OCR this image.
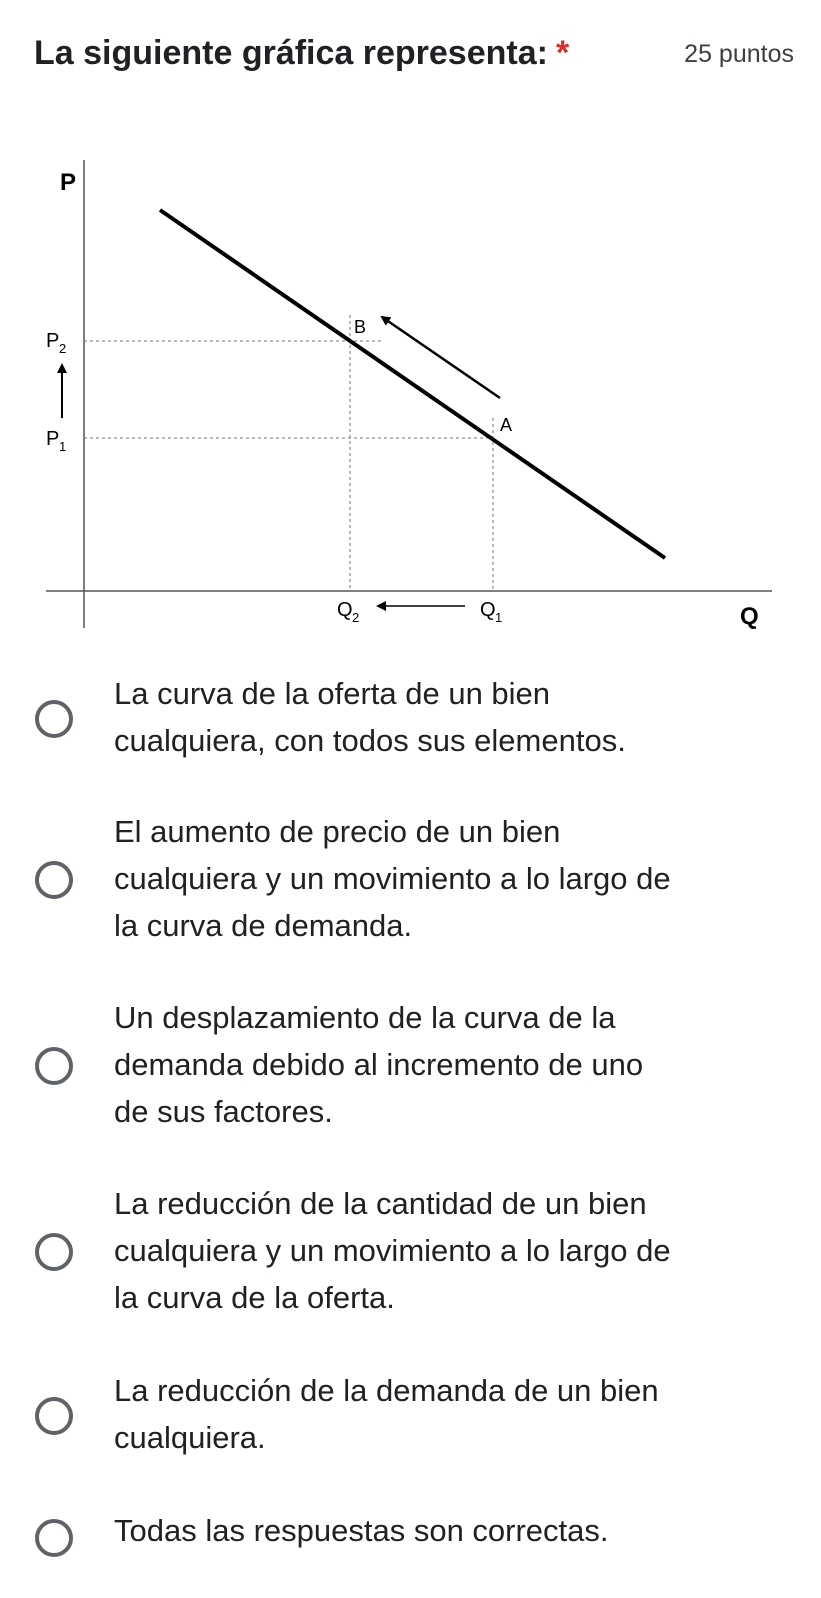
La siguiente gráfica representa: *	25 puntos
P
Q
P 2
P 1
Q 2	Q 1
B
A
La curva de la oferta de un bien
cualquiera, con todos sus elementos.
El aumento de precio de un bien
cualquiera y un movimiento a lo largo de
la curva de demanda.
Un desplazamiento de la curva de la
demanda debido al incremento de uno
de sus factores.
La reducción de la cantidad de un bien
cualquiera y un movimiento a lo largo de
la curva de la oferta.
La reducción de la demanda de un bien
cualquiera.
Todas las respuestas son correctas.
